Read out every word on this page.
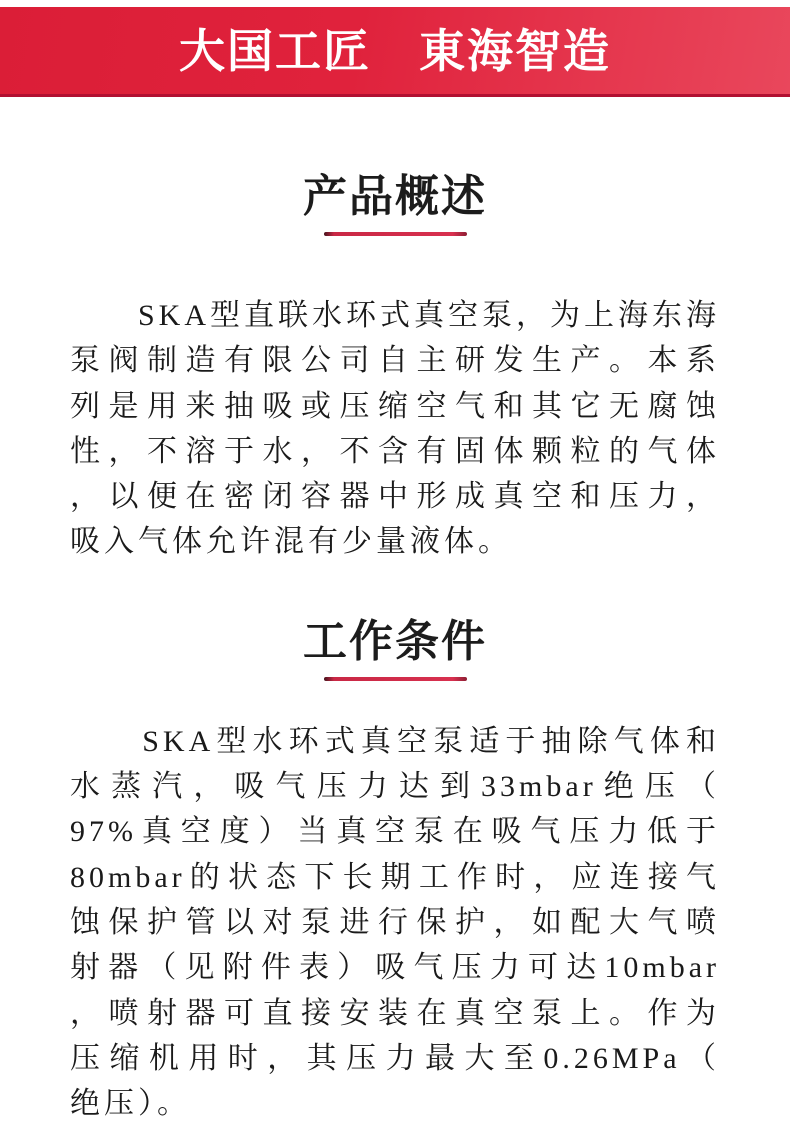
大国工匠　東海智造
产品概述
　　SKA型直联水环式真空泵，为上海东海
泵阀制造有限公司自主研发生产。本系
列是用来抽吸或压缩空气和其它无腐蚀
性，不溶于水，不含有固体颗粒的气体
，以便在密闭容器中形成真空和压力，
吸入气体允许混有少量液体。
工作条件
　　SKA型水环式真空泵适于抽除气体和
水蒸汽，吸气压力达到33mbar绝压（
97%真空度）当真空泵在吸气压力低于
80mbar的状态下长期工作时，应连接气
蚀保护管以对泵进行保护，如配大气喷
射器（见附件表）吸气压力可达10mbar
，喷射器可直接安装在真空泵上。作为
压缩机用时，其压力最大至0.26MPa（
绝压）。
